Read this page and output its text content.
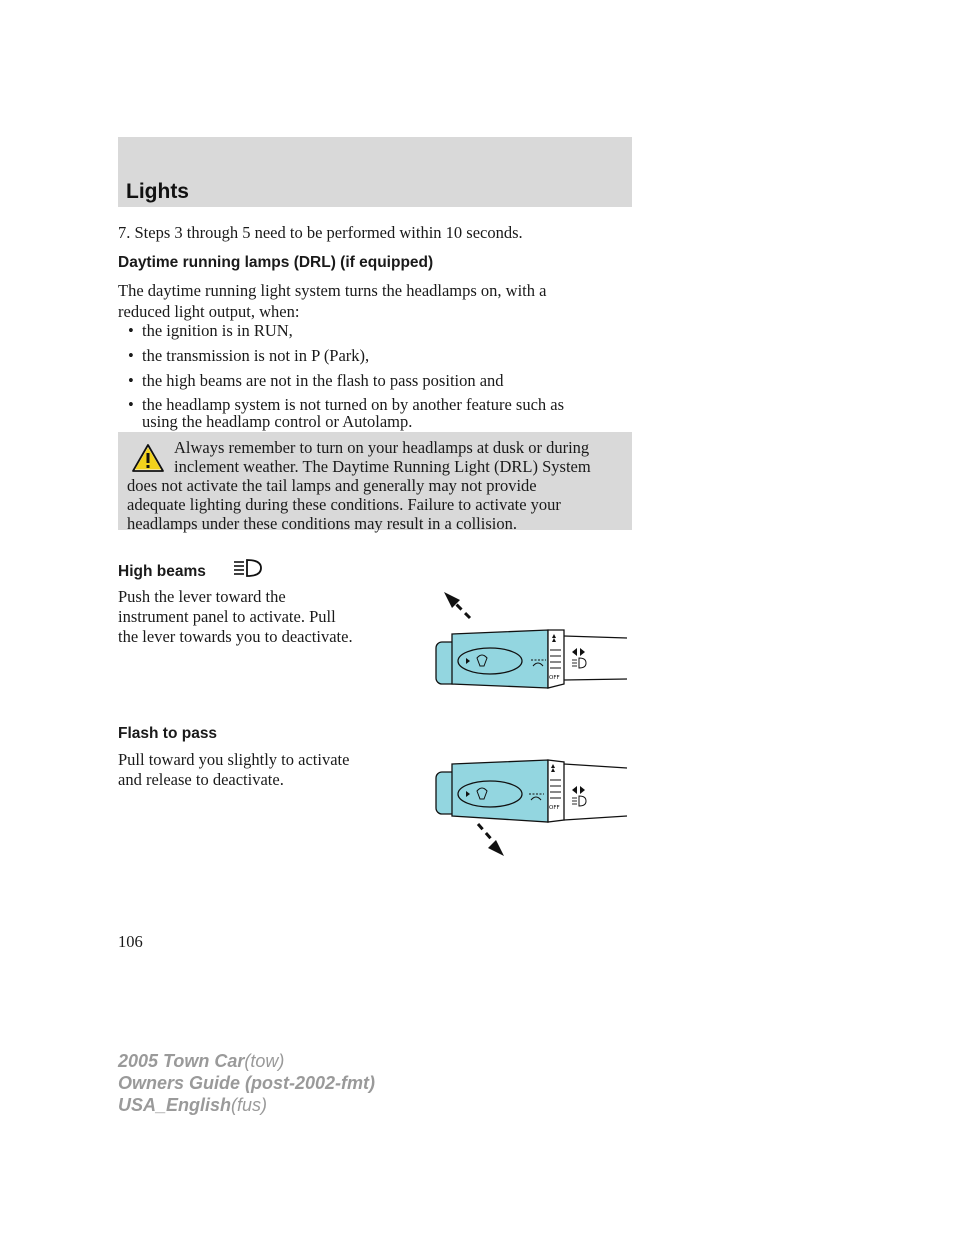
Lights
7. Steps 3 through 5 need to be performed within 10 seconds.
Daytime running lamps (DRL) (if equipped)
The daytime running light system turns the headlamps on, with a
reduced light output, when:
• the ignition is in RUN,
• the transmission is not in P (Park),
• the high beams are not in the flash to pass position and
• the headlamp system is not turned on by another feature such as
using the headlamp control or Autolamp.
Always remember to turn on your headlamps at dusk or during
inclement weather. The Daytime Running Light (DRL) System
does not activate the tail lamps and generally may not provide
adequate lighting during these conditions. Failure to activate your
headlamps under these conditions may result in a collision.
High beams
Push the lever toward the
instrument panel to activate. Pull
the lever towards you to deactivate.
OFF
Flash to pass
Pull toward you slightly to activate
and release to deactivate.
OFF
106
2005 Town Car(tow)
Owners Guide (post-2002-fmt)
USA_English(fus)
